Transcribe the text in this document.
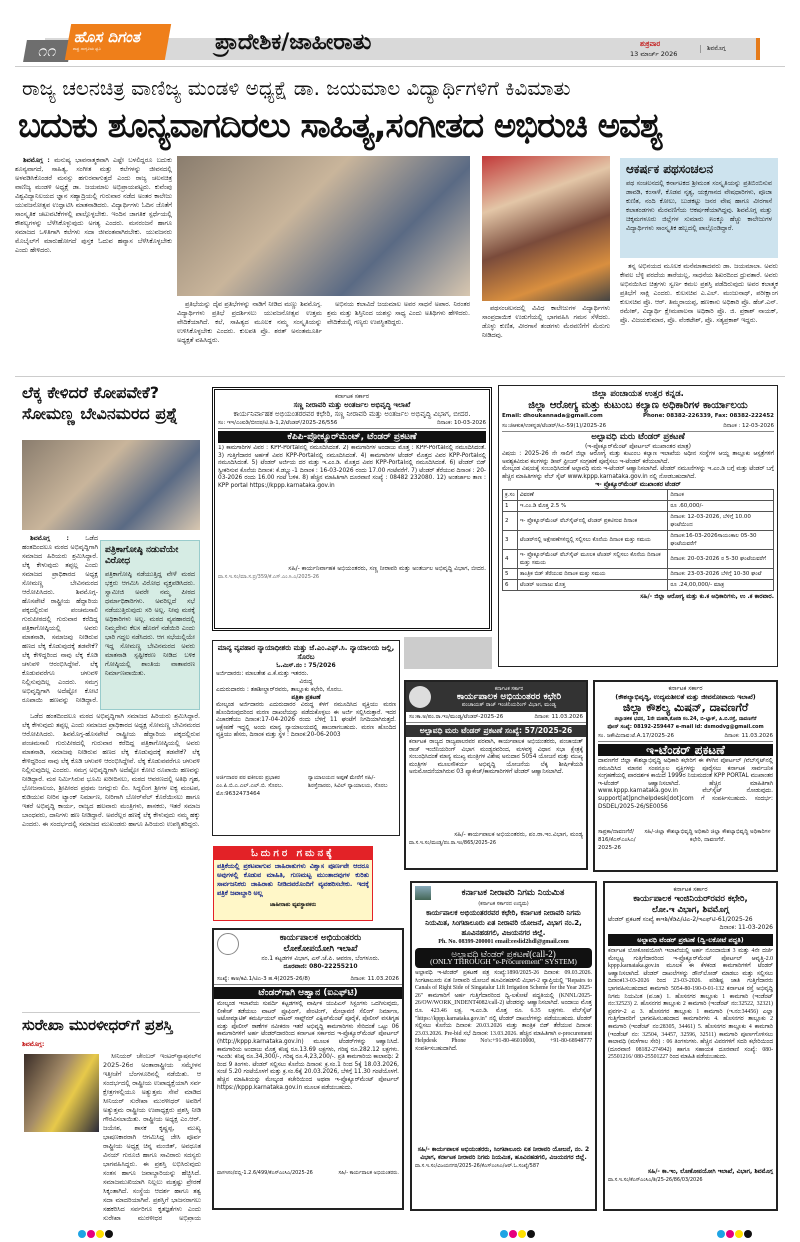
೧೧
ಹೊಸ ದಿಗಂತ
ರಾಷ್ಟ್ರ ಜಾಗೃತಿಯ ಧ್ವನಿ	ಪ್ರಾದೇಶಿಕ/ಜಾಹೀರಾತು	ಶುಕ್ರವಾರ
13 ಮಾರ್ಚ್ 2026
ಶಿವಮೊಗ್ಗ
ರಾಜ್ಯ ಚಲನಚಿತ್ರ ವಾಣಿಜ್ಯ ಮಂಡಳಿ ಅಧ್ಯಕ್ಷೆ ಡಾ. ಜಯಮಾಲ ವಿದ್ಯಾರ್ಥಿಗಳಿಗೆ ಕಿವಿಮಾತು
ಬದುಕು ಶೂನ್ಯವಾಗದಿರಲು ಸಾಹಿತ್ಯ,ಸಂಗೀತದ ಅಭಿರುಚಿ ಅವಶ್ಯ

ಶಿವಮೊಗ್ಗ : ಮನುಷ್ಯ ಭಾವನಾತ್ಮಕವಾಗಿ ಎಷ್ಟೇ ಬಳಲಿದ್ದರೂ ಬದುಕು ಶೂನ್ಯವಾಗದೆ, ಸಾಹಿತ್ಯ, ಸಂಗೀತ ಮತ್ತು ಕಲೆಗಳನ್ನು ಜೀವನದಲ್ಲಿ ಅಳವಡಿಸಿಕೊಂಡರೆ ಮನಸ್ಸು ಹಗುರವಾಗುತ್ತದೆ ಎಂದು ರಾಜ್ಯ ಚಲನಚಿತ್ರ ವಾಣಿಜ್ಯ ಮಂಡಳಿ ಅಧ್ಯಕ್ಷೆ ಡಾ. ಜಯಮಾಲ ಅಭಿಪ್ರಾಯಪಟ್ಟರು. ಕುವೆಂಪು ವಿಶ್ವವಿದ್ಯಾನಿಲಯದ ಜ್ಞಾನ ಸಹ್ಯಾದ್ರಿಯಲ್ಲಿ ಗುರುವಾರ ನಡೆದ ಅಂತರ ಕಾಲೇಜು ಯುವಜನೋತ್ಸವ ಉದ್ಘಾಟಿಸಿ ಮಾತನಾಡಿದರು. ವಿದ್ಯಾರ್ಥಿಗಳು ಓದಿನ ಜೊತೆಗೆ ಸಾಂಸ್ಕೃತಿಕ ಚಟುವಟಿಕೆಗಳಲ್ಲಿ ಪಾಲ್ಗೊಳ್ಳಬೇಕು. ಇಂದಿನ ಜಾಗತಿಕ ಸ್ಪರ್ಧೆಯಲ್ಲಿ ಕೌಶಲ್ಯಗಳನ್ನು ಬೆಳೆಸಿಕೊಳ್ಳುವುದು ಅಗತ್ಯ ಎಂದರು. ಮನರಂಜನೆ ಹಾಗೂ ಸಮಾಜದ ಒಳಿತಿಗಾಗಿ ಕಲೆಗಳು ಸದಾ ಜೀವಂತವಾಗಿರಬೇಕು. ಯುವಜನರು ಮೊಬೈಲ್‌ಗೆ ಮಾರುಹೋಗದೆ ಪುಸ್ತಕ ಓದುವ ಹವ್ಯಾಸ ಬೆಳೆಸಿಕೊಳ್ಳಬೇಕು ಎಂದು ಹೇಳಿದರು.

ಪ್ರತಿಭೆಯನ್ನು ದೈವ ಪ್ರತಿಭೆಗಳನ್ನು ನಾಡಿಗೆ ನೀಡಿದ ಮಣ್ಣು ಶಿವಮೊಗ್ಗ. ವಿದ್ಯಾರ್ಥಿಗಳು ಪ್ರತಿಭೆ ಪ್ರದರ್ಶಿಸಲು ಯುವಜನೋತ್ಸವ ಉತ್ತಮ ವೇದಿಕೆಯಾಗಿದೆ. ಕಲೆ, ಸಾಹಿತ್ಯದ ಮೂಲಕ ನಮ್ಮ ಸಂಸ್ಕೃತಿಯನ್ನು ಉಳಿಸಿಕೊಳ್ಳಬೇಕು ಎಂದರು. ಕುಲಪತಿ ಪ್ರೊ. ಶರತ್ ಅನಂತಮೂರ್ತಿ ಅಧ್ಯಕ್ಷತೆ ವಹಿಸಿದ್ದರು.

ಅಭಿನಯ ಕಲಾವಿದೆ ಜಯಮಾಲ ಅವರ ಸಾಧನೆ ಅಪಾರ. ನಿರಂತರ ಶ್ರಮ ಮತ್ತು ಶಿಸ್ತಿನಿಂದ ಯಶಸ್ಸು ಸಾಧ್ಯ ಎಂದು ಅತಿಥಿಗಳು ಹೇಳಿದರು. ವೇದಿಕೆಯಲ್ಲಿ ಗಣ್ಯರು ಉಪಸ್ಥಿತರಿದ್ದರು.

ಪಥಸಂಚಲನದಲ್ಲಿ ವಿವಿಧ ಕಾಲೇಜುಗಳ ವಿದ್ಯಾರ್ಥಿಗಳು ಸಾಂಪ್ರದಾಯಿಕ ಉಡುಗೆಯಲ್ಲಿ ಭಾಗವಹಿಸಿ ಗಮನ ಸೆಳೆದರು. ಡೊಳ್ಳು ಕುಣಿತ, ವೀರಗಾಸೆ ತಂಡಗಳು ಮೆರವಣಿಗೆಗೆ ಮೆರುಗು ನೀಡಿದವು.

ಆಕರ್ಷಕ ಪಥಸಂಚಲನ
ಪಥ ಸಂಚಲನದಲ್ಲಿ ಕರ್ನಾಟಕದ ಶ್ರೀಮಂತ ಸಂಸ್ಕೃತಿಯನ್ನು ಪ್ರತಿಬಿಂಬಿಸುವ ಡಾವಡಿ, ಕಂಸಾಳೆ, ಕೊಡವ ನೃತ್ಯ, ಯಕ್ಷಗಾನದ ವೇಷಧಾರಿಗಳು, ಪೂಜಾ ಕುಣಿತ, ನಂದಿ ಕೋಲು, ಬುಡಕಟ್ಟು ಜನರ ವೇಷ ಹಾಗೂ ವೀರಗಾಸೆ ಕಲಾತಂಡಗಳು ಮೆರವಣಿಗೆಯ ಆಕರ್ಷಣೆಯಾಗಿದ್ದವು. ಶಿವಮೊಗ್ಗ ಮತ್ತು ಚಿಕ್ಕಮಗಳೂರು ಜಿಲ್ಲೆಗಳ ಸುಮಾರು ೫೦ಕ್ಕೂ ಹೆಚ್ಚು ಕಾಲೇಜುಗಳ ವಿದ್ಯಾರ್ಥಿಗಳು ಸಾಂಸ್ಕೃತಿಕ ಹಬ್ಬದಲ್ಲಿ ಪಾಲ್ಗೊಂಡಿದ್ದಾರೆ.

ತನ್ನ ಅಭಿನಯದ ಮೂಲಕ ಮನೆಮಾತಾದವರು ಡಾ. ಜಯಮಾಲಾ. ಅವರು ಕೇವಲ ಬೆಳ್ಳಿ ಪರದೆಯ ತಾರೆಯಲ್ಲ, ಸಾಧನೆಯ ಶಿಖರದಿಂದ ಧ್ರುವತಾರೆ. ಅವರು ಅಭಿನಯಿಸಿದ ಚಿತ್ರಗಳು ಸ್ವರ್ಣ ಕಮಲ ಪ್ರಶಸ್ತಿ ಪಡೆದಿರುವುದು ಅವರ ಕಲಾತ್ಮಕ ಪ್ರತಿಭೆಗೆ ಸಾಕ್ಷಿ ಎಂದರು. ಕುಲಸಚಿವ ಎ.ಎಲ್. ಮಂಜುನಾಥ್, ಪರೀಕ್ಷಾಂಗ ಕುಲಸಚಿವ ಪ್ರೊ. ಆರ್. ತಿಮ್ಮರಾಯಪ್ಪ, ಹಣಕಾಸು ಅಧಿಕಾರಿ ಪ್ರೊ. ಹೆಚ್.ಎನ್. ರಮೇಶ್, ವಿದ್ಯಾರ್ಥಿ ಕ್ಷೇಮಪಾಲನಾ ಅಧಿಕಾರಿ ಪ್ರೊ. ಜಿ. ಪ್ರಕಾಶ್ ನಾಯಕ್, ಪ್ರೊ. ವಿಜಯಕುಮಾರ, ಪ್ರೊ. ವೆಂಕಟೇಶ್, ಪ್ರೊ. ಸತ್ಯಪ್ರಕಾಶ್ ಇದ್ದರು.

ಲೆಕ್ಕ ಕೇಳಿದರೆ ಕೋಪವೇಕೆ?
ಸೋಮಣ್ಣ ಬೇವಿನಮರದ ಪ್ರಶ್ನೆ

ಶಿವಮೊಗ್ಗ :	ಒಡೆದ ಹಂತದಿಂದಲೂ ಮಠದ ಅಭಿವೃದ್ಧಿಗಾಗಿ ಸಮಾಜದ ಹಿರಿಯರು ಶ್ರಮಿಸಿದ್ದಾರೆ. ಲೆಕ್ಕ ಕೇಳುವುದು ತಪ್ಪಲ್ಲ ಎಂದು ಸಮಾಜದ ಪ್ರಾಧಿಕಾರದ ಅಧ್ಯಕ್ಷ ಸೋಮಣ್ಣ ಬೇವಿನಮರದ ಆರೋಪಿಸಿದರು. ಶಿವಮೊಗ್ಗ-ಹೊಸಪೇಟೆ ರಾಷ್ಟ್ರೀಯ ಹೆದ್ದಾರಿಯ ಪಕ್ಕದಲ್ಲಿರುವ ಪಂಚಮಸಾಲಿ ಗುರುಪೀಠದಲ್ಲಿ ಗುರುವಾರ ಕರೆದಿದ್ದ ಪತ್ರಿಕಾಗೋಷ್ಠಿಯಲ್ಲಿ ಅವರು ಮಾತನಾಡಿ, ಸಮಾಜವು ನೀಡಿರುವ ಹಣದ ಲೆಕ್ಕ ಕೊಡುವುದಕ್ಕೆ ತಡವೇಕೆ? ಲೆಕ್ಕ ಕೇಳಿದ್ದರಿಂದ ನಾವು ಲೆಕ್ಕ ಕೊಡಿ ಚಳುವಳಿ ಆರಂಭಿಸಿದ್ದೇವೆ. ಲೆಕ್ಕ ಕೊಡುವವರೆಗೂ ಚಳುವಳಿ ನಿಲ್ಲಿಸುವುದಿಲ್ಲ ಎಂದರು. ಸಮಗ್ರ ಅಭಿವೃದ್ಧಿಗಾಗಿ ಅದೆಷ್ಟೋ ಕೋಟಿ ರೂಪಾಯಿ ಹಣವನ್ನು ನೀಡಿದ್ದಾರೆ.

ಪತ್ರಿಕಾಗೋಷ್ಠಿ ನಡುವೆಯೇ ವಿರೋಧ
ಪತ್ರಿಕಾಗೋಷ್ಠಿ ನಡೆಯುತ್ತಿದ್ದ ವೇಳೆ ಮಠದ ಭಕ್ತರು ಆಗಮಿಸಿ ವಿರೋಧ ವ್ಯಕ್ತಪಡಿಸಿದರು. ಸ್ವಾಮೀಜಿ ಅವರೇ ನಮ್ಮ ಪೀಠದ ಧರ್ಮಾಧಿಕಾರಿಗಳು. ಅವರಿಲ್ಲದೆ ಸಭೆ ನಡೆಯುತ್ತಿರುವುದು ಸರಿ ಅಲ್ಲ. ನೀವು ಮಠಕ್ಕೆ ಅಧಿಕಾರಿಗಳು ಅಲ್ಲ. ಮಠದ ವ್ಯವಹಾರದಲ್ಲಿ ನಿಮ್ಮದೇನು ಕೆಲಸ ಹೊರಗೆ ನಡೆಯಿರಿ ಎಂದು ಭಾರಿ ಗದ್ದಲ ನಡೆಸಿದರು. ಆಗ ಸಭೆಯಲ್ಲಿಯೇ ಇದ್ದ ಸೋಮಣ್ಣ ಬೇವಿನಮರದ ಅವರು ಮಾತನಾಡಿ ಸ್ಪಷ್ಟೀಕರಣ ನೀಡಿದ ಬಳಿಕ ಗೋಷ್ಠಿಯಲ್ಲಿ ಶಾಂತಿಯ ವಾತಾವರಣ ನಿರ್ಮಾಣವಾಯಿತು.

ಒಡೆದ ಹಂತದಿಂದಲೂ ಮಠದ ಅಭಿವೃದ್ಧಿಗಾಗಿ ಸಮಾಜದ ಹಿರಿಯರು ಶ್ರಮಿಸಿದ್ದಾರೆ. ಲೆಕ್ಕ ಕೇಳುವುದು ತಪ್ಪಲ್ಲ ಎಂದು ಸಮಾಜದ ಪ್ರಾಧಿಕಾರದ ಅಧ್ಯಕ್ಷ ಸೋಮಣ್ಣ ಬೇವಿನಮರದ ಆರೋಪಿಸಿದರು. ಶಿವಮೊಗ್ಗ-ಹೊಸಪೇಟೆ ರಾಷ್ಟ್ರೀಯ ಹೆದ್ದಾರಿಯ ಪಕ್ಕದಲ್ಲಿರುವ ಪಂಚಮಸಾಲಿ ಗುರುಪೀಠದಲ್ಲಿ ಗುರುವಾರ ಕರೆದಿದ್ದ ಪತ್ರಿಕಾಗೋಷ್ಠಿಯಲ್ಲಿ ಅವರು ಮಾತನಾಡಿ, ಸಮಾಜವು ನೀಡಿರುವ ಹಣದ ಲೆಕ್ಕ ಕೊಡುವುದಕ್ಕೆ ತಡವೇಕೆ? ಲೆಕ್ಕ ಕೇಳಿದ್ದರಿಂದ ನಾವು ಲೆಕ್ಕ ಕೊಡಿ ಚಳುವಳಿ ಆರಂಭಿಸಿದ್ದೇವೆ. ಲೆಕ್ಕ ಕೊಡುವವರೆಗೂ ಚಳುವಳಿ ನಿಲ್ಲಿಸುವುದಿಲ್ಲ ಎಂದರು. ಸಮಗ್ರ ಅಭಿವೃದ್ಧಿಗಾಗಿ ಅದೆಷ್ಟೋ ಕೋಟಿ ರೂಪಾಯಿ ಹಣವನ್ನು ನೀಡಿದ್ದಾರೆ. ಮಠ ನಿರ್ಮಿಸಿರುವ ಭೂಮಿ ಖರೀದಿಸಲು, ಮಠದ ಆವರಣದಲ್ಲಿ ಅತಿಥಿ ಗೃಹ, ಭೋಜನಾಲಯ, ಶ್ರೀಪೀಠದ ಪ್ರಥಮ ಜಗದ್ಗುರು ಲಿಂ. ಸಿದ್ದಲಿಂಗ ಶ್ರೀಗಳ ಐಕ್ಯ ಮಂಟಪ, ಕುಡಿಯುವ ನೀರಿನ ಟ್ಯಾಂಕ್ ನಿರ್ಮಾಣ, ನೀರಿಗಾಗಿ ಬೋರ್‌ವೆಲ್ ಕೊರೆಯಿಸಲು ಹಾಗೂ ಇತರೆ ಅಭಿವೃದ್ಧಿ ಕಾರ್ಯ, ರಾಜ್ಯದ ಹಲವಾರು ಮಂತ್ರಿಗಳು, ಶಾಸಕರು, ಇತರೆ ಸಮಾಜ ಬಾಂಧವರು, ದಾನಿಗಳು ಹಣ ನೀಡಿದ್ದಾರೆ. ಅವರೆಲ್ಲರ ಹಣಕ್ಕೆ ಲೆಕ್ಕ ಕೇಳುವುದು ನಮ್ಮ ಹಕ್ಕು ಎಂದರು. ಈ ಸಂದರ್ಭದಲ್ಲಿ ಸಮಾಜದ ಮುಖಂಡರು ಹಾಗೂ ಹಿರಿಯರು ಉಪಸ್ಥಿತರಿದ್ದರು.

ಸುರೇಖಾ ಮುರಳೀಧರ್‌ಗೆ ಪ್ರಶಸ್ತಿ
ಶಿವಮೊಗ್ಗ:

ಸೀನಿಯರ್ ಚೇಂಬರ್ ಇಂಟರ್‌ನ್ಯಾಷನಲ್‌ನ 2025-26ರ ಅಂತಾರಾಷ್ಟ್ರೀಯ ಸಮ್ಮೇಳನ ಇತ್ತೀಚೆಗೆ ಬೆಂಗಳೂರಿನಲ್ಲಿ ನಡೆಯಿತು. ಆ ಸಂದರ್ಭದಲ್ಲಿ ರಾಷ್ಟ್ರೀಯ ಉಪಾಧ್ಯಕ್ಷೆಯಾಗಿ ಸರ್ವ ಕ್ಷೇತ್ರಗಳಲ್ಲಿಯೂ ಅತ್ಯುತ್ತಮ ಸೇವೆ ಮಾಡಿದ ಸೀನಿಯರ್ ಸುರೇಖಾ ಮುರಳೀಧರ್ ಅವರಿಗೆ ಅತ್ಯುತ್ತಮ ರಾಷ್ಟ್ರೀಯ ಉಪಾಧ್ಯಕ್ಷರು ಪ್ರಶಸ್ತಿ ನೀಡಿ ಗೌರವಿಸಲಾಯಿತು. ರಾಷ್ಟ್ರೀಯ ಅಧ್ಯಕ್ಷ ಎಂ.ಆರ್. ಜಯೇಶ, ಶಾಸಕ ಕೃಷ್ಣಪ್ಪ, ಮುಖ್ಯ ಭಾಷಣಕಾರರಾಗಿ ಆಗಮಿಸಿದ್ದ ಜೇಸಿ ಪೂರ್ವ ರಾಷ್ಟ್ರೀಯ ಅಧ್ಯಕ್ಷ ಚಿನ್ನ ಮಂಜಿತ್, ಅವಧೂತ ವಿನಯ್ ಗುರೂಜಿ ಹಾಗೂ ಸಾವಿರಾರು ಸದಸ್ಯರು ಭಾಗವಹಿಸಿದ್ದರು. ಈ ಪ್ರಶಸ್ತಿ ಲಭಿಸಿರುವುದು ಸಂತಸ ಹಾಗೂ ಜವಾಬ್ದಾರಿಯನ್ನು ಹೆಚ್ಚಿಸಿದೆ. ಸಮಾಜಮುಖಿಯಾಗಿ ನಿಲ್ಲಲು ಮತ್ತಷ್ಟು ಪ್ರೇರಣೆ ಸಿಕ್ಕಂತಾಗಿದೆ. ಸಂಸ್ಥೆಯ ಆದರ್ಶ ಹಾಗೂ ತತ್ವ ಸದಾ ಮಾದರಿಯಾಗಿವೆ. ಪ್ರಶಸ್ತಿಗೆ ಭಾಜನರಾಗಲು ಸಹಕರಿಸಿದ ಸರ್ವರಿಗೂ ಕೃತಜ್ಞತೆಗಳು ಎಂದು ಸುರೇಖಾ ಮುರಳೀಧರ ಅಭಿಪ್ರಾಯ

ಕರ್ನಾಟಕ ಸರ್ಕಾರ
ಸಣ್ಣ ನೀರಾವರಿ ಮತ್ತು ಅಂತರ್ಜಲ ಅಭಿವೃದ್ಧಿ ಇಲಾಖೆ
ಕಾರ್ಯನಿರ್ವಾಹಕ ಅಭಿಯಂತರರವರ ಕಛೇರಿ, ಸಣ್ಣ ನೀರಾವರಿ ಮತ್ತು ಅಂತರ್ಜಲ ಅಭಿವೃದ್ಧಿ ವಿಭಾಗ, ಬೀದರ.
ಸಂ: ಇಇ/ಎಂಐಡಿ/ಬೀದರ/ಟಿ.ಡಿ-1,2/ಟೆಂಡರ್/2025-26/556	ದಿನಾಂಕ: 10-03-2026
ಕೆಪಿಪಿ-ಪ್ರೋಕ್ಯೂರ್‌ಮೆಂಟ್, ಟೆಂಡರ್ ಪ್ರಕಟಣೆ
1) ಕಾಮಗಾರಿಗಳ ವಿವರ : KPP-Portalನಲ್ಲಿ ನಮೂದಿಸಿದಂತೆ. 2) ಕಾಮಗಾರಿಗಳ ಅಂದಾಜು ಮೊತ್ತ : KPP-Portalನಲ್ಲಿ ನಮೂದಿಸಿದಂತೆ. 3) ಗುತ್ತಿಗೆದಾರರ ಅರ್ಹತೆ ವಿವರ KPP-Portalನಲ್ಲಿ ನಮೂದಿಸಿದಂತೆ. 4) ಕಾಮಗಾರಿಗಳ ಟೆಂಡರ್ ಮೊತ್ತದ ವಿವರ KPP-Portalನಲ್ಲಿ ನಮೂದಿಸಿದಂತೆ. 5) ಟೆಂಡರ್ ಅರ್ಜಿಯ ದರ ಮತ್ತು ಇ.ಎಂ.ಡಿ. ಮೊತ್ತದ ವಿವರ KPP-Portalನಲ್ಲಿ ನಮೂದಿಸಿದಂತೆ. 6) ಟೆಂಡರ್ ಬಿಡ್ ಸ್ವೀಕರಿಸುವ ಕೊನೆಯ ದಿನಾಂಕ: ಕೆ.ಡಬ್ಲ್ಯು-1 ದಿನಾಂಕ : 16-03-2026 ರಂದು 17.00 ಗಂಟೆವರೆಗೆ. 7) ಟೆಂಡರ್ ತೆರೆಯುವ ದಿನಾಂಕ : 20-03-2026 ರಂದು 16.00 ಗಂಟೆ ಬಳಿಕ. 8) ಹೆಚ್ಚಿನ ಮಾಹಿತಿಗಾಗಿ ದೂರವಾಣಿ ಸಂಖ್ಯೆ : 08482 232080. 12) ಅಂತರ್ಜಾಲ ತಾಣ : KPP portal https://kppp.karnataka.gov.in
ಸಹಿ/- ಕಾರ್ಯನಿರ್ವಾಹಕ ಅಭಿಯಂತರರು, ಸಣ್ಣ ನೀರಾವರಿ ಮತ್ತು ಅಂತರ್ಜಲ ಅಭಿವೃದ್ಧಿ ವಿಭಾಗ, ಬೀದರ.
ವಾ.ಸ.ಇ.ಸಂ/ಮಾ.ಸ.ಪ್ರ/359/ಕೆ.ಎಸ್.ಎಂ.ಸಿ.ಎ/2025-26
ಜಿಲ್ಲಾ ಪಂಚಾಯತ ಉತ್ತರ ಕನ್ನಡ.
ಜಿಲ್ಲಾ ಆರೋಗ್ಯ ಮತ್ತು ಕುಟುಂಬ ಕಲ್ಯಾಣ ಅಧಿಕಾರಿಗಳ ಕಾರ್ಯಾಲಯ
Email: dhoukannada@gmail.com	Phone: 08382-226339, Fax: 08382-222452
ಸಂ:ಜಿಆಕುಕ/ಉಕನ್ನಡ/ಟೆಂಡರ್/ಸಿಎ-59(1)/2025-26	ದಿನಾಂಕ : 12-03-2026
ಅಲ್ಪಾವಧಿ ಮರು ಟೆಂಡರ್ ಪ್ರಕಟಣೆ
(ಇ-ಪ್ರೊಕ್ಯೂರ್‌ಮೆಂಟ್ ಪೋರ್ಟಲ್ ಮುಖಾಂತರ ಮಾತ್ರ)
ವಿಷಯ : 2025-26 ನೇ ಸಾಲಿಗೆ ಜಿಲ್ಲಾ ಆರೋಗ್ಯ ಮತ್ತು ಕುಟುಂಬ ಕಲ್ಯಾಣ ಇಲಾಖೆಯ ಅಧೀನ ಸಂಸ್ಥೆಗಳ ಆಯ್ದ ತಾಲ್ಲೂಕು ಆಸ್ಪತ್ರೆಗಳಿಗೆ ಅವಶ್ಯಕವಿರುವ ಕಲಗಳನ್ನು ಡೀಪ್ ಫ್ರೀಜರ್ ಸಂಗ್ರಹಣೆ ಪೂರೈಸಲು ಇ-ಟೆಂಡರ್ ಕರೆಯಲಾಗಿದೆ.
ಮೇಲ್ಕಂಡ ವಿಷಯಕ್ಕೆ ಸಂಬಂಧಿಸಿದಂತೆ ಅಲ್ಪಾವಧಿ ಮರು ಇ-ಟೆಂಡರ್ ಆಹ್ವಾನಿಸಲಾಗಿದೆ. ಟೆಂಡರ್ ನಮೂನೆಗಳನ್ನು ಇ.ಎಂ.ಡಿ ಬಗ್ಗೆ ಮತ್ತು ಟೆಂಡರ್ ಬಗ್ಗೆ ಹೆಚ್ಚಿನ ಮಾಹಿತಿಗಳನ್ನು ವೆಬ್ ಸೈಟ್ www.kppp.karnataka.gov.in ನಲ್ಲಿ ನೋಡಬಹುದಾಗಿದೆ.
ಇ- ಪ್ರೊಕ್ಯೂರ್‌ಮೆಂಟ್ ಮುಖಾಂತರ ಟೆಂಡರ್
ಕ್ರ.ಸಂ	ವಿವರಣೆ	ದಿನಾಂಕ
1	ಇ.ಎಂ.ಡಿ ಮೊತ್ತ 2.5 %	ರೂ .60,000/-
2	ಇ- ಪ್ರೊಕ್ಯೂರ್‌ಮೆಂಟ್ ವೆಬ್‌ಸೈಟ್‌ನಲ್ಲಿ ಟೆಂಡರ್ ಪ್ರಕಟಿಸುವ ದಿನಾಂಕ	ದಿನಾಂಕ: 12-03-2026, ಬೆಳಿಗ್ಗೆ 10.00 ಘಂಟೆಯಿಂದ
3	ಟೆಂಡರ್‌ನಲ್ಲಿ ಅಕ್ಷೇಪಣೆಗಳಿದ್ದಲ್ಲಿ ಸಲ್ಲಿಸಲು ಕೊನೆಯ ದಿನಾಂಕ ಮತ್ತು ಸಮಯ	ದಿನಾಂಕ:16-03-2026ಸಾಯಂಕಾಲ 05-30 ಘಂಟೆಯವರೆಗೆ
4	ಇ- ಪ್ರೊಕ್ಯೂರ್‌ಮೆಂಟ್ ವೆಬ್‌ಸೈಟ್ ಮೂಲಕ ಟೆಂಡರ್ ಸಲ್ಲಿಸಲು ಕೊನೆಯ ದಿನಾಂಕ ಮತ್ತು ಸಮಯ	ದಿನಾಂಕ: 20-03-2026 ರ 5-30 ಘಂಟೆಯವರೆಗೆ
5	ತಾಂತ್ರಿಕ ಬಿಡ್ ತೆರೆಯುವ ದಿನಾಂಕ ಮತ್ತು ಸಮಯ	ದಿನಾಂಕ: 23-03-2026 ಬೆಳಿಗ್ಗೆ 10-30 ಘಂಟೆ
6	ಟೆಂಡರ್ ಅಂದಾಜು ಮೊತ್ತ	ರೂ .24,00,000/- ಮಾತ್ರ
ಸಹಿ/- ಜಿಲ್ಲಾ ಆರೋಗ್ಯ ಮತ್ತು ಕು.ಕ ಅಧಿಕಾರಿಗಳು, ಉ .ಕ ಕಾರವಾರ.
ಮಾನ್ಯ ವ್ಯವಹಾರ ನ್ಯಾಯಾಧೀಶರು ಮತ್ತು ಜೆ.ಎಂ.ಎಫ್.ಸಿ. ನ್ಯಾಯಾಲಯ ಜಲ್ಲಿ, ಸೊರಬ
ಓ.ಮಿಸ್.ನಂ : 75/2026
ಅರ್ಜಿದಾರರು: ಮಾಲತೇಶ ಎ.ಕೆ.ಮತ್ತು ಇತರರು.
ವಿರುದ್ಧ
ಎದುರುದಾರರು : ತಹಶೀಲ್ದಾರ್‌ರವರು, ತಾಲ್ಲೂಕು ಕಛೇರಿ, ಸೊರಬ.
ಪತ್ರಿಕಾ ಪ್ರಕಟಣೆ
ಮೇಲ್ಕಂಡ ಅರ್ಜಿದಾರರು ಎದುರುದಾರರ ವಿರುದ್ಧ ಕೆಳಗೆ ನಮೂದಿಸಿದ ವ್ಯಕ್ತಿಯು ಮರಣ ಹೊಂದಿರುವುದರಿಂದ ಮರಣ ದಾಖಲೆಯನ್ನು ಪಡೆದುಕೊಳ್ಳಲು ಈ ಅರ್ಜಿ ಸಲ್ಲಿಸಿರುತ್ತಾರೆ. ಇದರ ವಿಚಾರಣೆಯು ದಿನಾಂಕ:17-04-2026 ರಂದು ಬೆಳಿಗ್ಗೆ 11 ಘಂಟೆಗೆ ನಿಗದಿಯಾಗಿರುತ್ತದೆ. ಆಕ್ಷೇಪಣೆ ಇದ್ದಲ್ಲಿ ಅಂದು ಮಾನ್ಯ ನ್ಯಾಯಾಲಯದಲ್ಲಿ ಹಾಜರಾಗಬಹುದು. ಮರಣ ಹೊಂದಿದ ವ್ಯಕ್ತಿಯು ಹೆಸರು, ದಿನಾಂಕ ಮತ್ತು ಸ್ಥಳ : ದಿನಾಂಕ:20-06-2003
ಅರ್ಜಿದಾರರ ಪರ ವಕೀಲರು ಪ್ರಭಾಕರ ಎಂ.ಪಿ.ಬಿ.ಎ.ಎಲ್.ಎಲ್.ಬಿ. ಸೊರಬ. ಮೊ:9632473464
ನ್ಯಾಯಾಲಯದ ಅಪ್ಪಣೆ ಮೇರೆಗೆ ಸಹಿ/- ಶಿರಸ್ತೆದಾರರು, ಸಿವಿಲ್ ನ್ಯಾಯಾಲಯ, ಸೊರಬ
ಕರ್ನಾಟಕ ಸರ್ಕಾರ
ಕಾರ್ಯಪಾಲಕ ಅಭಿಯಂತರರ ಕಛೇರಿ
ಪಂಚಾಯತ್ ರಾಜ್ ಇಂಜಿನಿಯರಿಂಗ್ ವಿಭಾಗ, ಮಂಡ್ಯ
ಸಂ:ಕಾ.ಅ/ಪಂ.ರಾ.ಇಂ/ಮಂಡ್ಯ/ಟೆಂಡರ್-2025-26	ದಿನಾಂಕ: 11.03.2026
ಅಲ್ಪಾವಧಿ ಮರು ಟೆಂಡರ್ ಪ್ರಕಟಣೆ ಸಂಖ್ಯೆ: 57/2025-26
ಕರ್ನಾಟಕ ರಾಜ್ಯದ ರಾಜ್ಯಪಾಲರವರ ಪರವಾಗಿ, ಕಾರ್ಯಪಾಲಕ ಅಭಿಯಂತರರು, ಪಂಚಾಯತ್ ರಾಜ್ ಇಂಜಿನಿಯರಿಂಗ್ ವಿಭಾಗ ಮಂಡ್ಯರವರಿಂದ, ಮಳವಳ್ಳಿ ವಿಧಾನ ಸಭಾ ಕ್ಷೇತ್ರಕ್ಕೆ ಸಂಬಂಧಿಸಿದಂತೆ ಮಾನ್ಯ ಮುಖ್ಯ ಮಂತ್ರಿಗಳ ವಿಶೇಷ ಅನುದಾನ 5054 ಯೋಜನೆ ಮತ್ತು ಮುಖ್ಯ ಮಂತ್ರಿಗಳ ಮೂಲಸೌಕರ್ಯ ಅಭಿವೃದ್ಧಿ ಯೋಜನೆಯ ಲೆಕ್ಕ ಶೀರ್ಷಿಕೆಯಡಿ ಅನುಮೋದನೆಯಾಗಿರುವ 03 ಪ್ಯಾಕೇಜ್/ಕಾಮಗಾರಿಗಳಿಗೆ ಟೆಂಡರ್ ಆಹ್ವಾನಿಸಲಾಗಿದೆ.
ಸಹಿ/- ಕಾರ್ಯಪಾಲಕ ಅಭಿಯಂತರರು, ಪಂ.ರಾ.ಇಂ.ವಿಭಾಗ, ಮಂಡ್ಯ
ವಾ.ಸ.ಇ.ಸಂ/ಮಂಡ್ಯ/ಪಂ.ರಾ.ಇಂ/865/2025-26
ಕರ್ನಾಟಕ ಸರ್ಕಾರ
(ಕೌಶಲ್ಯಾಭಿವೃದ್ಧಿ, ಉದ್ಯಮಶೀಲತೆ ಮತ್ತು ಜೀವನೋಪಾಯ ಇಲಾಖೆ)
ಜಿಲ್ಲಾ ಕೌಶಲ್ಯ ಮಿಷನ್, ದಾವಣಗೆರೆ
ಜಿಲ್ಲಾಡಳಿತ ಭವನ, 1ನೇ ಮಹಡಿ,ಕೊಠಡಿ ಸಂ.24, ಬಿ-ಬ್ಲಾಕ್, ಪಿ.ಬಿ.ರಸ್ತೆ, ದಾವಣಗೆರೆ
ಫೋನ್ ಸಂಖ್ಯೆ: 08192-259447 e-mail id: dsmodvg@gmail.com
ಸಂ. ಜಕೌಮಿದಾವ:ಟೆ.A.17/2025-26	ದಿನಾಂಕ: 11.03.2026
ಇ-ಟೆಂಡರ್ ಪ್ರಕಟಣೆ
ದಾವಣಗೆರೆ ಜಿಲ್ಲಾ ಕೌಶಲ್ಯಾಭಿವೃದ್ಧಿ ಅಧಿಕಾರಿ ಕಛೇರಿಗೆ ಈ ಕೆಳಗಿನ ಪೋರ್ಟಲ್ /ವೆಬ್‌ಸೈಟ್‌ನಲ್ಲಿ ನಮೂದಿಸಿದ ಮಾನವ ಸಂಪನ್ಮೂಲ ವ್ಯಕ್ತಿಗಳನ್ನು ಪೂರೈಸಲು ಕರ್ನಾಟಕ ಸಾರ್ವಜನಿಕ ಸಂಗ್ರಹಣೆಯಲ್ಲಿ ಪಾರದರ್ಶಕ ಕಾಯಿದೆ 1999ರ ನಿಯಮದಂತೆ KPP PORTAL ಮುಖಾಂತರ ಇ-ಟೆಂಡರ್ ಆಹ್ವಾನಿಸಲಾಗಿದೆ. ಹೆಚ್ಚಿನ ಮಾಹಿತಿಗಾಗಿ www.kppp.karnataka.gov.in ವೆಬ್‌ಸೈಟ್ ನೋಡುವುದು. support[at]pnchelpdesk[dot]com ಗೆ ಸಂಪರ್ಕಿಸಬಹುದು. ಸಂದರ್ಭ: DSDEL/2025-26/SE0056
ಸಾಪ್ರಕಾ/ದಾವಣಗೆರೆ/ 816/ಕೆಎಸ್ಎಂಸಿಎ/ 2025-26
ಸಹಿ/-ಜಿಲ್ಲಾ ಕೌಶಲ್ಯಾಭಿವೃದ್ಧಿ ಅಧಿಕಾರಿ ಜಿಲ್ಲಾ ಕೌಶಲ್ಯಾಭಿವೃದ್ಧಿ ಅಧಿಕಾರಿಗಳ ಕಛೇರಿ, ದಾವಣಗೆರೆ.
ಓದುಗರ ಗಮನಕ್ಕೆ
ಪತ್ರಿಕೆಯಲ್ಲಿ ಪ್ರಕಟವಾಗುವ ಜಾಹಿರಾತುಗಳು ವಿಶ್ವಾಸ ಪೂರ್ಣವೇ ಆದರೂ ಅವುಗಳಲ್ಲಿ ಕೊಡುವ ಮಾಹಿತಿ, ಗುಣಮಟ್ಟ ಮುಂತಾದವುಗಳ ಕುರಿತು ಸಾರ್ವಜನಿಕರು ಜಾಹಿರಾತು ನೀಡಿದವರೊಂದಿಗೆ ವ್ಯವಹರಿಸಬೇಕು. ಇದಕ್ಕೆ ಪತ್ರಿಕೆ ಜವಾಬ್ದಾರಿ ಅಲ್ಲ
ಜಾಹೀರಾತು ವ್ಯವಸ್ಥಾಪಕರು
ಕಾರ್ಯಪಾಲಕ ಅಭಿಯಂತರರು
ಲೋಕೋಪಯೋಗಿ ಇಲಾಖೆ
ನಂ.1 ಕಟ್ಟಡಗಳ ವಿಭಾಗ, ಎಸ್.ಜೆ.ಪಿ. ಆವರಣ, ಬೆಂಗಳೂರು.
ದೂರವಾಣಿ: 080-22255210
ಸಂಖ್ಯೆ: ಕಾಅ/ಕವಿ.1/ಟಿಎ-3 ಹ.4(2025-26/8)	ದಿನಾಂಕ: 11.03.2026
ಟೆಂಡರ್‌ಗಾಗಿ ಆಹ್ವಾನ (ಐಎಫ್‌ಟಿ)
ಮೇಲ್ಕಂಡ ಇಲಾಖೆಯ ಸುಪರ್ದಿ ಕಟ್ಟಡಗಳಲ್ಲಿ ವಾರ್ಷಿಕ ಯುಪಿಎಸ್ ಸಿಸ್ಟಂಗಳು ಒದಗಿಸುವುದು, ಲೀಕೇಜ್ ತಡೆಯಲು ವಾಟರ್ ಪ್ರೂಫಿಂಗ್, ಪೇಂಟಿಂಗ್, ಮೇಲ್ಛಾವಣಿ ಸೆಲಿಂಗ್ ನಿರ್ಮಾಣ, ಅಟೋಮ್ಯಾಟಿಕ್ ಕಮರ್ಷಿಯಲ್ ವಾಟರ್ ಸಾಫ್ಟ್‌ನರ್ ಎಕ್ವಿಪ್‌ಮೆಂಟ್ ಪೂರೈಕೆ, ಪೊಲೀಸ್ ವಸತಿಗೃಹ ಮತ್ತು ಪೊಲೀಸ್ ಠಾಣೆಗಳ ನವೀಕರಣ ಇತರೆ ಅಭಿವೃದ್ಧಿ ಕಾಮಗಾರಿಗಳು ಸೇರಿದಂತೆ ಒಟ್ಟು 06 ಕಾಮಗಾರಿಗಳಿಗೆ ಅರ್ಹ ಟೆಂಡರ್‌ದಾರರಿಂದ ಕರ್ನಾಟಕ ಸರ್ಕಾರದ ಇ-ಪ್ರೊಕ್ಯೂರ್‌ಮೆಂಟ್ ಪೋರ್ಟಲ್ (http://kppp.karnataka.gov.in) ಮೂಲಕ ಟೆಂಡರ್‌ಗಳನ್ನು ಆಹ್ವಾನಿಸಿದೆ. ಕಾಮಗಾರಿಯ ಅಂದಾಜು ಮೊತ್ತ ಕನಿಷ್ಠ ರೂ.13.69 ಲಕ್ಷಗಳು, ಗರಿಷ್ಠ ರೂ.282.12 ಲಕ್ಷಗಳು. ಇಎಂಡಿ: ಕನಿಷ್ಠ ರೂ.34,300/-, ಗರಿಷ್ಠ ರೂ.4,23,200/-. ಪ್ರತಿ ಕಾಮಗಾರಿಯ ಕಾಲಾವಧಿ: 2 ರಿಂದ 9 ತಿಂಗಳು. ಟೆಂಡರ್ ಸಲ್ಲಿಸಲು ಕೊನೆಯ ದಿನಾಂಕ: ಕ್ರ.ಸಂ.1 ರಿಂದ 5ಕ್ಕೆ 18.03.2026, ಸಂಜೆ 5.20 ಗಂಟೆಯೊಳಗೆ ಮತ್ತು ಕ್ರ.ಸಂ.6ಕ್ಕೆ 20.03.2026, ಬೆಳಿಗ್ಗೆ 11.30 ಗಂಟೆಯೊಳಗೆ. ಹೆಚ್ಚಿನ ಮಾಹಿತಿಯನ್ನು ಮೇಲ್ಕಂಡ ಕಚೇರಿಯಿಂದ ಅಥವಾ ಇ-ಪ್ರೊಕ್ಯೂರ್‌ಮೆಂಟ್ ಪೋರ್ಟಲ್ https://kppp.karnataka.gov.in ಮೂಲಕ ಪಡೆಯಬಹುದು.
ವಾಸಇಸಂ/ಪಬ್ಲಿ-1.2.6/499/ಕೆಎಸ್ಎಂಸಿಎ/2025-26	ಸಹಿ/- ಕಾರ್ಯಪಾಲಕ ಅಭಿಯಂತರರು.
ಕರ್ನಾಟಕ ನೀರಾವರಿ ನಿಗಮ ನಿಯಮಿತ
(ಕರ್ನಾಟಕ ಸರ್ಕಾರದ ಉದ್ಯಮ)
ಕಾರ್ಯಪಾಲಕ ಅಭಿಯಂತರರವರ ಕಛೇರಿ, ಕರ್ನಾಟಕ ನೀರಾವರಿ ನಿಗಮ ನಿಯಮಿತ, ಸಿಂಗಟಾಲೂರು ಏತ ನೀರಾವರಿ ಯೋಜನೆ, ವಿಭಾಗ ನಂ.2, ಹೂವಿನಹಡಗಲಿ, ವಿಜಯನಗರ ಜಿಲ್ಲೆ.
Ph. No. 08399-200001 email:eeslid2hdl@gmail.com
ಅಲ್ಪಾವಧಿ ಟೆಂಡರ್ ಪ್ರಕಟಣೆ(call-2)
(ONLY THROUGH "e-Procurement" SYSTEM)
ಅಲ್ಪಾವಧಿ ಇ-ಟೆಂಡರ್ ಪ್ರಕಟಣೆ ಪತ್ರ ಸಂಖ್ಯೆ:1890/2025-26 ದಿನಾಂಕ: 09.03.2026. ಸಿಂಗಟಾಲೂರು ಏತ ನೀರಾವರಿ ಯೋಜನೆ ಹೂವಿನಹಡಗಲಿ ವಿಭಾಗ-2 ವ್ಯಾಪ್ತಿಯಲ್ಲಿ "Repairs to Canals of Right Side of Singatalur Lift Irrigation Scheme for the Year 2025-26" ಕಾಮಗಾರಿಗೆ ಅರ್ಹ ಗುತ್ತಿಗೆದಾರರಿಂದ ದ್ವಿ-ಲಕೋಟೆ ಪದ್ಧತಿಯಲ್ಲಿ (KNNL/2025-26/OW/WORK_INDENT4082/call-2) ಟೆಂಡರನ್ನು ಆಹ್ವಾನಿಸಲಾಗಿದೆ. ಅಂದಾಜು ಮೊತ್ತ ರೂ. 423.46 ಲಕ್ಷ. ಇ.ಎಂ.ಡಿ. ಮೊತ್ತ ರೂ. 6.35 ಲಕ್ಷಗಳು. ವೆಬ್‌ಸೈಟ್ "https://kppp.karnataka.gov.in" ನಲ್ಲಿ ಟೆಂಡರ್ ದಾಖಲೆಗಳನ್ನು ಪಡೆಯಬಹುದು. ಟೆಂಡರ್ ಸಲ್ಲಿಸಲು ಕೊನೆಯ ದಿನಾಂಕ: 20.03.2026 ಮತ್ತು ತಾಂತ್ರಿಕ ಬಿಡ್ ತೆರೆಯುವ ದಿನಾಂಕ: 23.03.2026. Pre-bid ಸಭೆ ದಿನಾಂಕ: 13.03.2026. ಹೆಚ್ಚಿನ ಮಾಹಿತಿಗಾಗಿ e-procurement Helpdesk Phone No's:+91-80-46010000, +91-80-68948777 ಸಂಪರ್ಕಿಸಬಹುದಾಗಿದೆ.
ಸಹಿ/- ಕಾರ್ಯಪಾಲಕ ಅಭಿಯಂತರರು, ಸಿಂಗಟಾಲೂರು ಏತ ನೀರಾವರಿ ಯೋಜನೆ, ನಂ. 2 ವಿಭಾಗ, ಕರ್ನಾಟಕ ನೀರಾವರಿ ನಿಗಮ ನಿಯಮಿತ, ಹೂವಿನಹಡಗಲಿ, ವಿಜಯನಗರ ಜಿಲ್ಲೆ.
ವಾ.ಸ.ಇ.ಸಂ/ವಿಜಯನಗರ/2025-26/ಕೆಎಸ್ಎಂಸಿಎ/ಆರ್.ಓ.ಸಂಖ್ಯೆ/587
ಕರ್ನಾಟಕ ಸರ್ಕಾರ
ಕಾರ್ಯಪಾಲಕ ಇಂಜಿನಿಯರ್‌ರವರ ಕಛೇರಿ,
ಲೋ.ಇ ವಿಭಾಗ, ಶಿವಮೊಗ್ಗ
ಟೆಂಡರ್ ಪ್ರಕಟಣೆ ಸಂಖ್ಯೆ ಕಾಇಶಿ/ಕೆಡಿಪಿ/ಟಿಎ-2/ಇಎಫ್‌ಟಿ-61/2025-26
ದಿನಾಂಕ: 11-03-2026
ಅಲ್ಪಾವಧಿ ಟೆಂಡರ್ ಪ್ರಕಟಣೆ (ದ್ವಿ-ಲಕೋಟೆ ಪದ್ಧತಿ)
ಕರ್ನಾಟಕ ಲೋಕೋಪಯೋಗಿ ಇಲಾಖೆಯಲ್ಲಿ ಅರ್ಹ ನೊಂದಾಯಿತ 3 ಮತ್ತು 4ನೇ ದರ್ಜೆ ಮೇಲ್ಪಟ್ಟ ಗುತ್ತಿಗೆದಾರರಿಂದ ಇ-ಪ್ರೊಕ್ಯೂರ್‌ಮೆಂಟ್ ಪೋರ್ಟಲ್ ಆವೃತ್ತಿ-2.0 kppp.karnataka.gov.in ಮೂಲಕ ಈ ಕೆಳಕಂಡ ಕಾಮಗಾರಿಗಳಿಗೆ ಟೆಂಡರ್ ಆಹ್ವಾನಿಸಲಾಗಿದೆ. ಟೆಂಡರ್ ದಾಖಲೆಗಳನ್ನು ಡೌನ್‌ಲೋಡ್ ಮಾಡಲು ಮತ್ತು ಸಲ್ಲಿಸಲು ದಿನಾಂಕ13-03-2026 ರಿಂದ 23-03-2026. ಪರಿಶಿಷ್ಟ ಜಾತಿ ಗುತ್ತಿಗೆದಾರರು ಭಾಗವಹಿಸಬಹುದಾದ ಕಾಮಗಾರಿ 5054-80-190-0-01-132 ಕರ್ನಾಟಕ ರಸ್ತೆ ಅಭಿವೃದ್ಧಿ ನಿಗಮ ನಿಯಮಿತ (ಪ.ಜಾ) 1. ಹೊಸನಗರ ತಾಲ್ಲೂಕು 1 ಕಾಮಗಾರಿ (ಇಂಡೆಂಟ್ ನಂ:32523) 2. ಹೊಸನಗರ ತಾಲ್ಲೂಕು 2 ಕಾಮಗಾರಿ (ಇಂಡೆಂಟ್ ನಂ:32522, 32321) ಪ್ರವರ್ಗ-2 ಎ 3. ಹೊಸನಗರ ತಾಲ್ಲೂಕು 1 ಕಾಮಗಾರಿ (ಇ.ನಂ:34456) ಎಲ್ಲಾ ಗುತ್ತಿಗೆದಾರರಿಗೆ ಭಾಗವಹಿಸಬಹುದಾದ ಕಾಮಗಾರಿಗಳು 4. ಹೊಸನಗರ ತಾಲ್ಲೂಕು 2 ಕಾಮಗಾರಿ (ಇಂಡೆಂಟ್ ನಂ:28305, 34461) 5. ಹೊಸನಗರ ತಾಲ್ಲೂಕು 4 ಕಾಮಗಾರಿ (ಇಂಡೆಂಟ್ ನಂ: 32504, 34457, 32596, 32511) ಕಾಮಗಾರಿ ಪೂರ್ಣಗೊಳಿಸಲು ಕಾಲಾವಧಿ (ಮಳೆಗಾಲ ಸೇರಿ) : 06 ತಿಂಗಳುಗಳು. ಹೆಚ್ಚಿನ ವಿವರಗಳಿಗೆ ಸದರಿ ಕಛೇರಿಯಿಂದ (ದೂರವಾಣಿ 08182-274942) ಹಾಗೂ ಸಹಾಯಕ ದೂರವಾಣಿ ಸಂಖ್ಯೆ: 080-25501216/ 080-25501227 ರಿಂದ ಮಾಹಿತಿ ಪಡೆಯಬಹುದು.
ಸಹಿ/- ಕಾ.ಇಂ, ಲೋಕೋಪಯೋಗಿ ಇಲಾಖೆ, ವಿಭಾಗ, ಶಿವಮೊಗ್ಗ
ವಾ.ಸ.ಇ.ಸಂ/ಕೆಎಸ್ಎಂಸಿಎ/ಶಿ/25-26/86/03/2026
